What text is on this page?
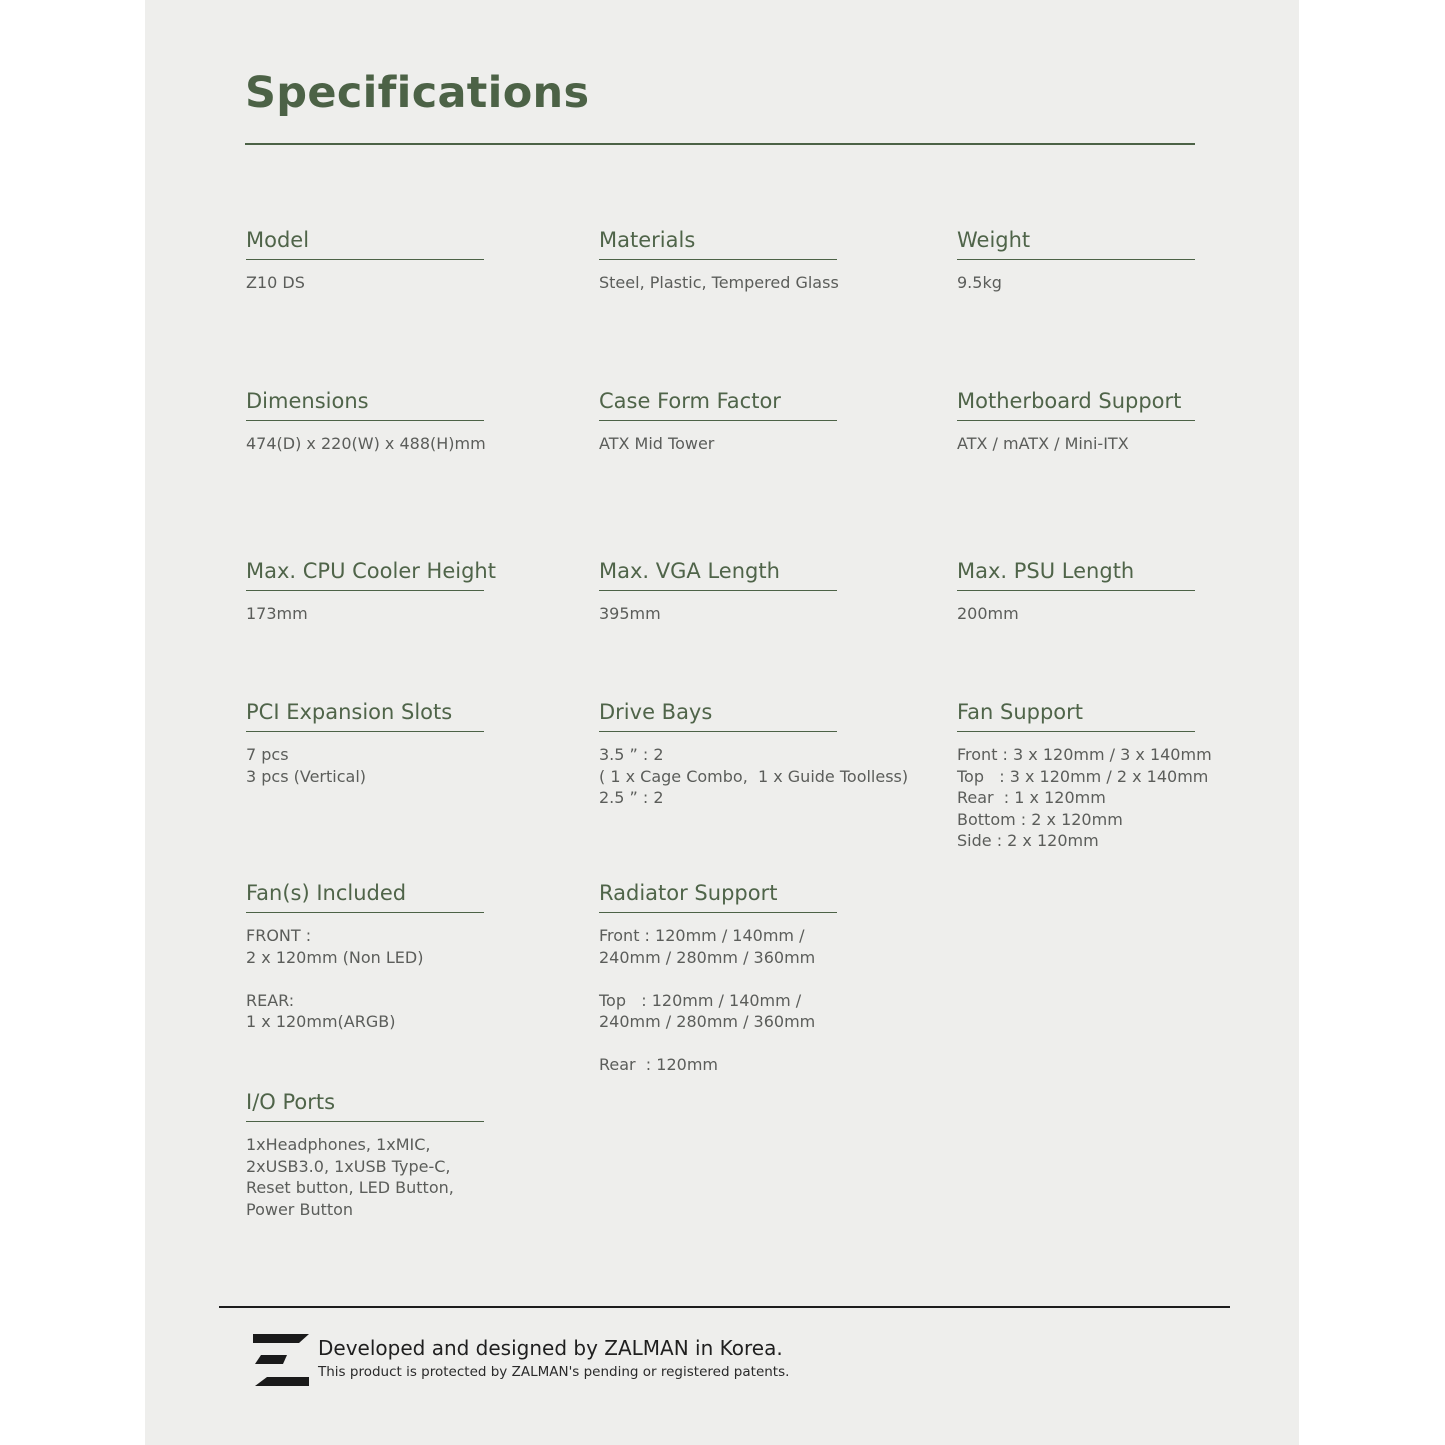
Specifications
Model
Z10 DS
Materials
Steel, Plastic, Tempered Glass
Weight
9.5kg
Dimensions
474(D) x 220(W) x 488(H)mm
Case Form Factor
ATX Mid Tower
Motherboard Support
ATX / mATX / Mini-ITX
Max. CPU Cooler Height
173mm
Max. VGA Length
395mm
Max. PSU Length
200mm
PCI Expansion Slots
7 pcs
3 pcs (Vertical)
Drive Bays
3.5 ” : 2
( 1 x Cage Combo,  1 x Guide
2.5 ” : 2
Fan Support
Front : 3 x 120mm / 3 x 140mm
Top   : 3 x 120mm / 2 x 140mm
Rear  : 1 x 120mm
Bottom : 2 x 120mm
Side : 2 x 120mm
Fan(s) Included
FRONT :
2 x 120mm (Non LED)

REAR:
1 x 120mm(ARGB)
Radiator Support
Front : 120mm / 140mm /
240mm / 280mm / 360mm

Top   : 120mm / 140mm /
240mm / 280mm / 360mm

Rear  : 120mm
I/O Ports
1xHeadphones, 1xMIC,
2xUSB3.0, 1xUSB Type-C,
Reset button, LED Button,
Power Button
Developed and designed by ZALMAN in Korea.
This product is protected by ZALMAN's pending or registered patents.
